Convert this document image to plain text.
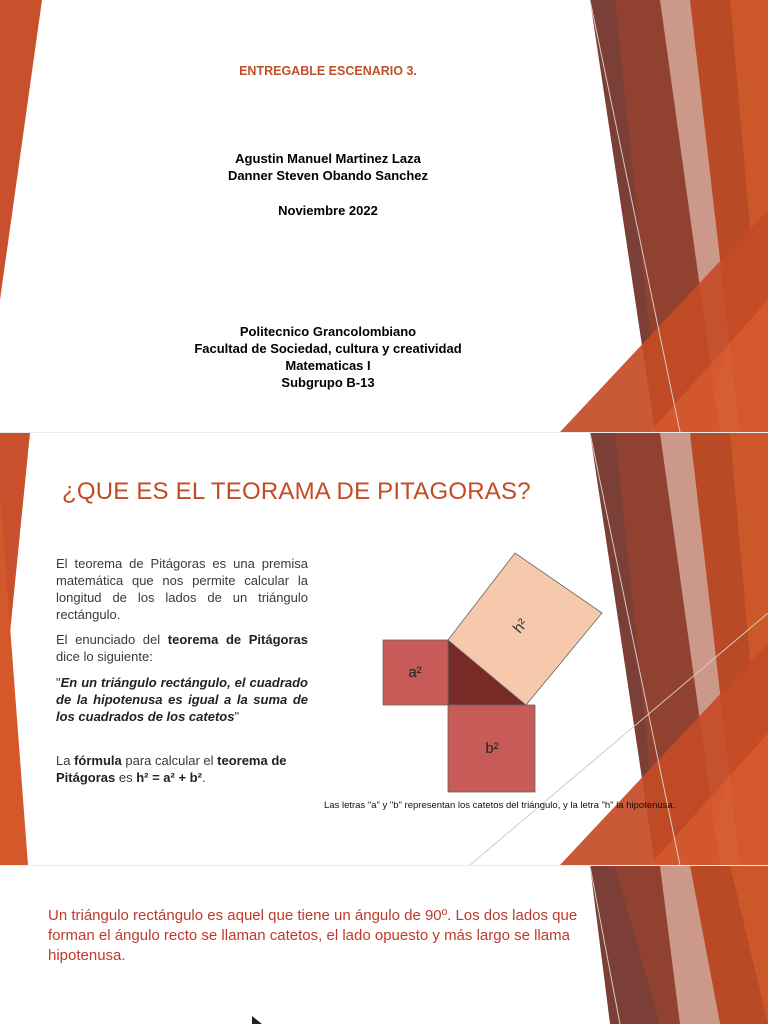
ENTREGABLE ESCENARIO 3.
Agustin Manuel Martinez Laza
Danner Steven Obando Sanchez
Noviembre 2022
Politecnico Grancolombiano
Facultad de Sociedad, cultura y creatividad
Matematicas I
Subgrupo B-13
¿QUE ES EL TEORAMA DE PITAGORAS?
El teorema de Pitágoras es una premisa matemática que nos permite calcular la longitud de los lados de un triángulo rectángulo.
El enunciado del teorema de Pitágoras dice lo siguiente:
"En un triángulo rectángulo, el cuadrado de la hipotenusa es igual a la suma de los cuadrados de los catetos"
La fórmula para calcular el teorema de Pitágoras es h² = a² + b².
a²
b²
h²
Las letras "a" y "b" representan los catetos del triángulo, y la letra "h" la hipotenusa.
Un triángulo rectángulo es aquel que tiene un ángulo de 90º. Los dos lados que forman el ángulo recto se llaman catetos, el lado opuesto y más largo se llama hipotenusa.
